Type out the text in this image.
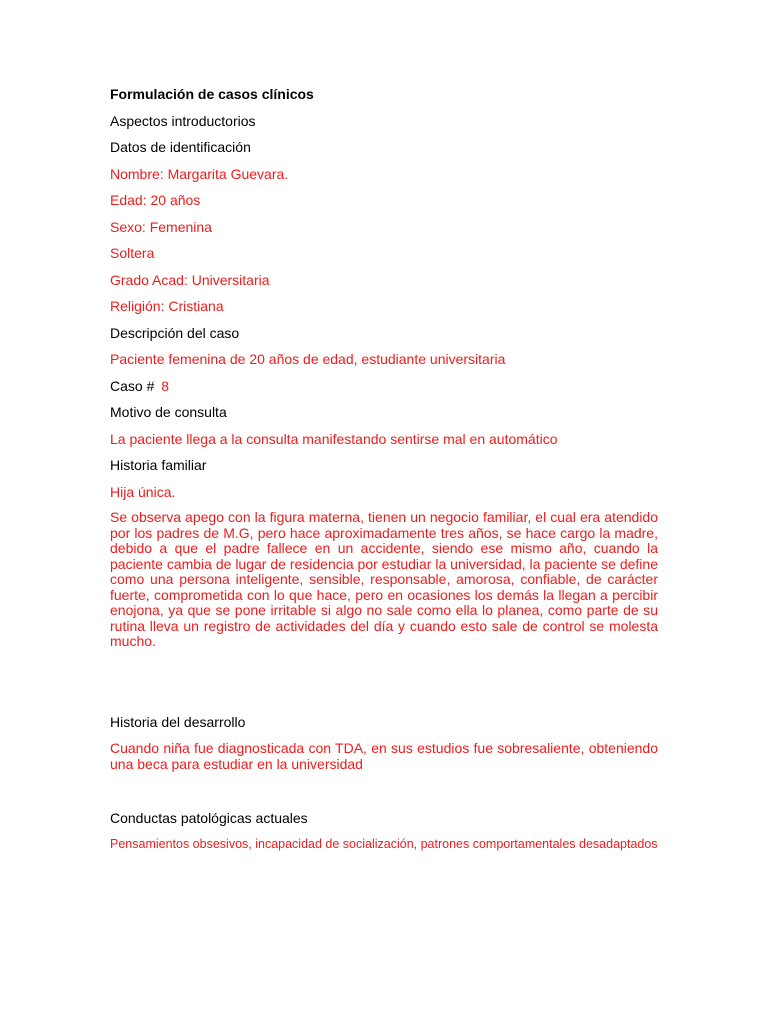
Formulación de casos clínicos
Aspectos introductorios
Datos de identificación
Nombre: Margarita Guevara.
Edad: 20 años
Sexo: Femenina
Soltera
Grado Acad: Universitaria
Religión: Cristiana
Descripción del caso
Paciente femenina de 20 años de edad, estudiante universitaria
Caso # 8
Motivo de consulta
La paciente llega a la consulta manifestando sentirse mal en automático
Historia familiar
Hija única.
Se observa apego con la figura materna, tienen un negocio familiar, el cual era atendido por los padres de M.G, pero hace aproximadamente tres años, se hace cargo la madre, debido a que el padre fallece en un accidente, siendo ese mismo año, cuando la paciente cambia de lugar de residencia por estudiar la universidad, la paciente se define como una persona inteligente, sensible, responsable, amorosa, confiable, de carácter fuerte, comprometida con lo que hace, pero en ocasiones los demás la llegan a percibir enojona, ya que se pone irritable si algo no sale como ella lo planea, como parte de su rutina lleva un registro de actividades del día y cuando esto sale de control se molesta mucho.
Historia del desarrollo
Cuando niña fue diagnosticada con TDA, en sus estudios fue sobresaliente, obteniendo una beca para estudiar en la universidad
Conductas patológicas actuales
Pensamientos obsesivos, incapacidad de socialización, patrones comportamentales desadaptados
